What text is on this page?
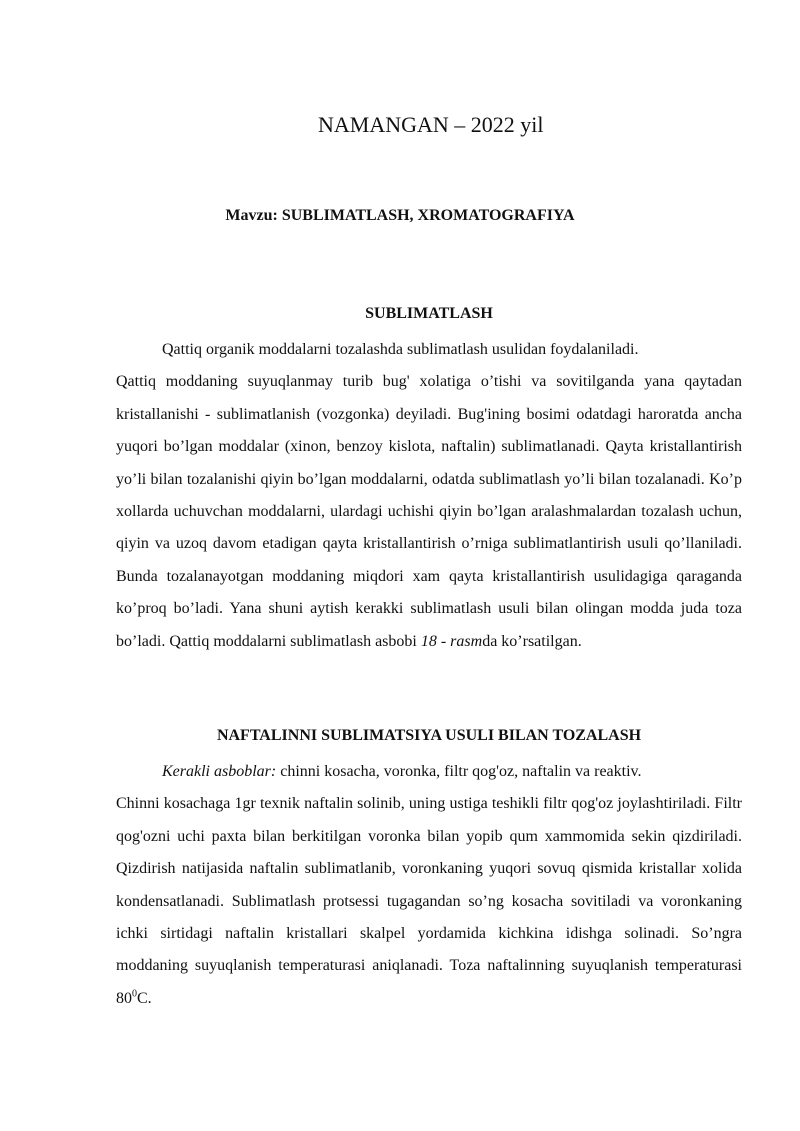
NAMANGAN – 2022 yil
Mavzu: SUBLIMATLASH, XROMATOGRAFIYA

SUBLIMATLASH

Qattiq organik moddalarni tozalashda sublimatlash usulidan foydalaniladi.
Qattiq moddaning suyuqlanmay turib bug' xolatiga o’tishi va sovitilganda yana qaytadan kristallanishi - sublimatlanish (vozgonka) deyiladi. Bug'ining bosimi odatdagi haroratda ancha yuqori bo’lgan moddalar (xinon, benzoy kislota, naftalin) sublimatlanadi. Qayta kristallantirish yo’li bilan tozalanishi qiyin bo’lgan moddalarni, odatda sublimatlash yo’li bilan tozalanadi. Ko’p xollarda uchuvchan moddalarni, ulardagi uchishi qiyin bo’lgan aralashmalardan tozalash uchun, qiyin va uzoq davom etadigan qayta kristallantirish o’rniga sublimatlantirish usuli qo’llaniladi. Bunda tozalanayotgan moddaning miqdori xam qayta kristallantirish usulidagiga qaraganda ko’proq bo’ladi. Yana shuni aytish kerakki sublimatlash usuli bilan olingan modda juda toza bo’ladi. Qattiq moddalarni sublimatlash asbobi 18 - rasmda ko’rsatilgan.

NAFTALINNI SUBLIMATSIYA USULI BILAN TOZALASH

Kerakli asboblar: chinni kosacha, voronka, filtr qog'oz, naftalin va reaktiv.
Chinni kosachaga 1gr texnik naftalin solinib, uning ustiga teshikli filtr qog'oz joylashtiriladi. Filtr qog'ozni uchi paxta bilan berkitilgan voronka bilan yopib qum xammomida sekin qizdiriladi. Qizdirish natijasida naftalin sublimatlanib, voronkaning yuqori sovuq qismida kristallar xolida kondensatlanadi. Sublimatlash protsessi tugagandan so’ng kosacha sovitiladi va voronkaning ichki sirtidagi naftalin kristallari skalpel yordamida kichkina idishga solinadi. So’ngra moddaning suyuqlanish temperaturasi aniqlanadi. Toza naftalinning suyuqlanish temperaturasi $80^0C$.
